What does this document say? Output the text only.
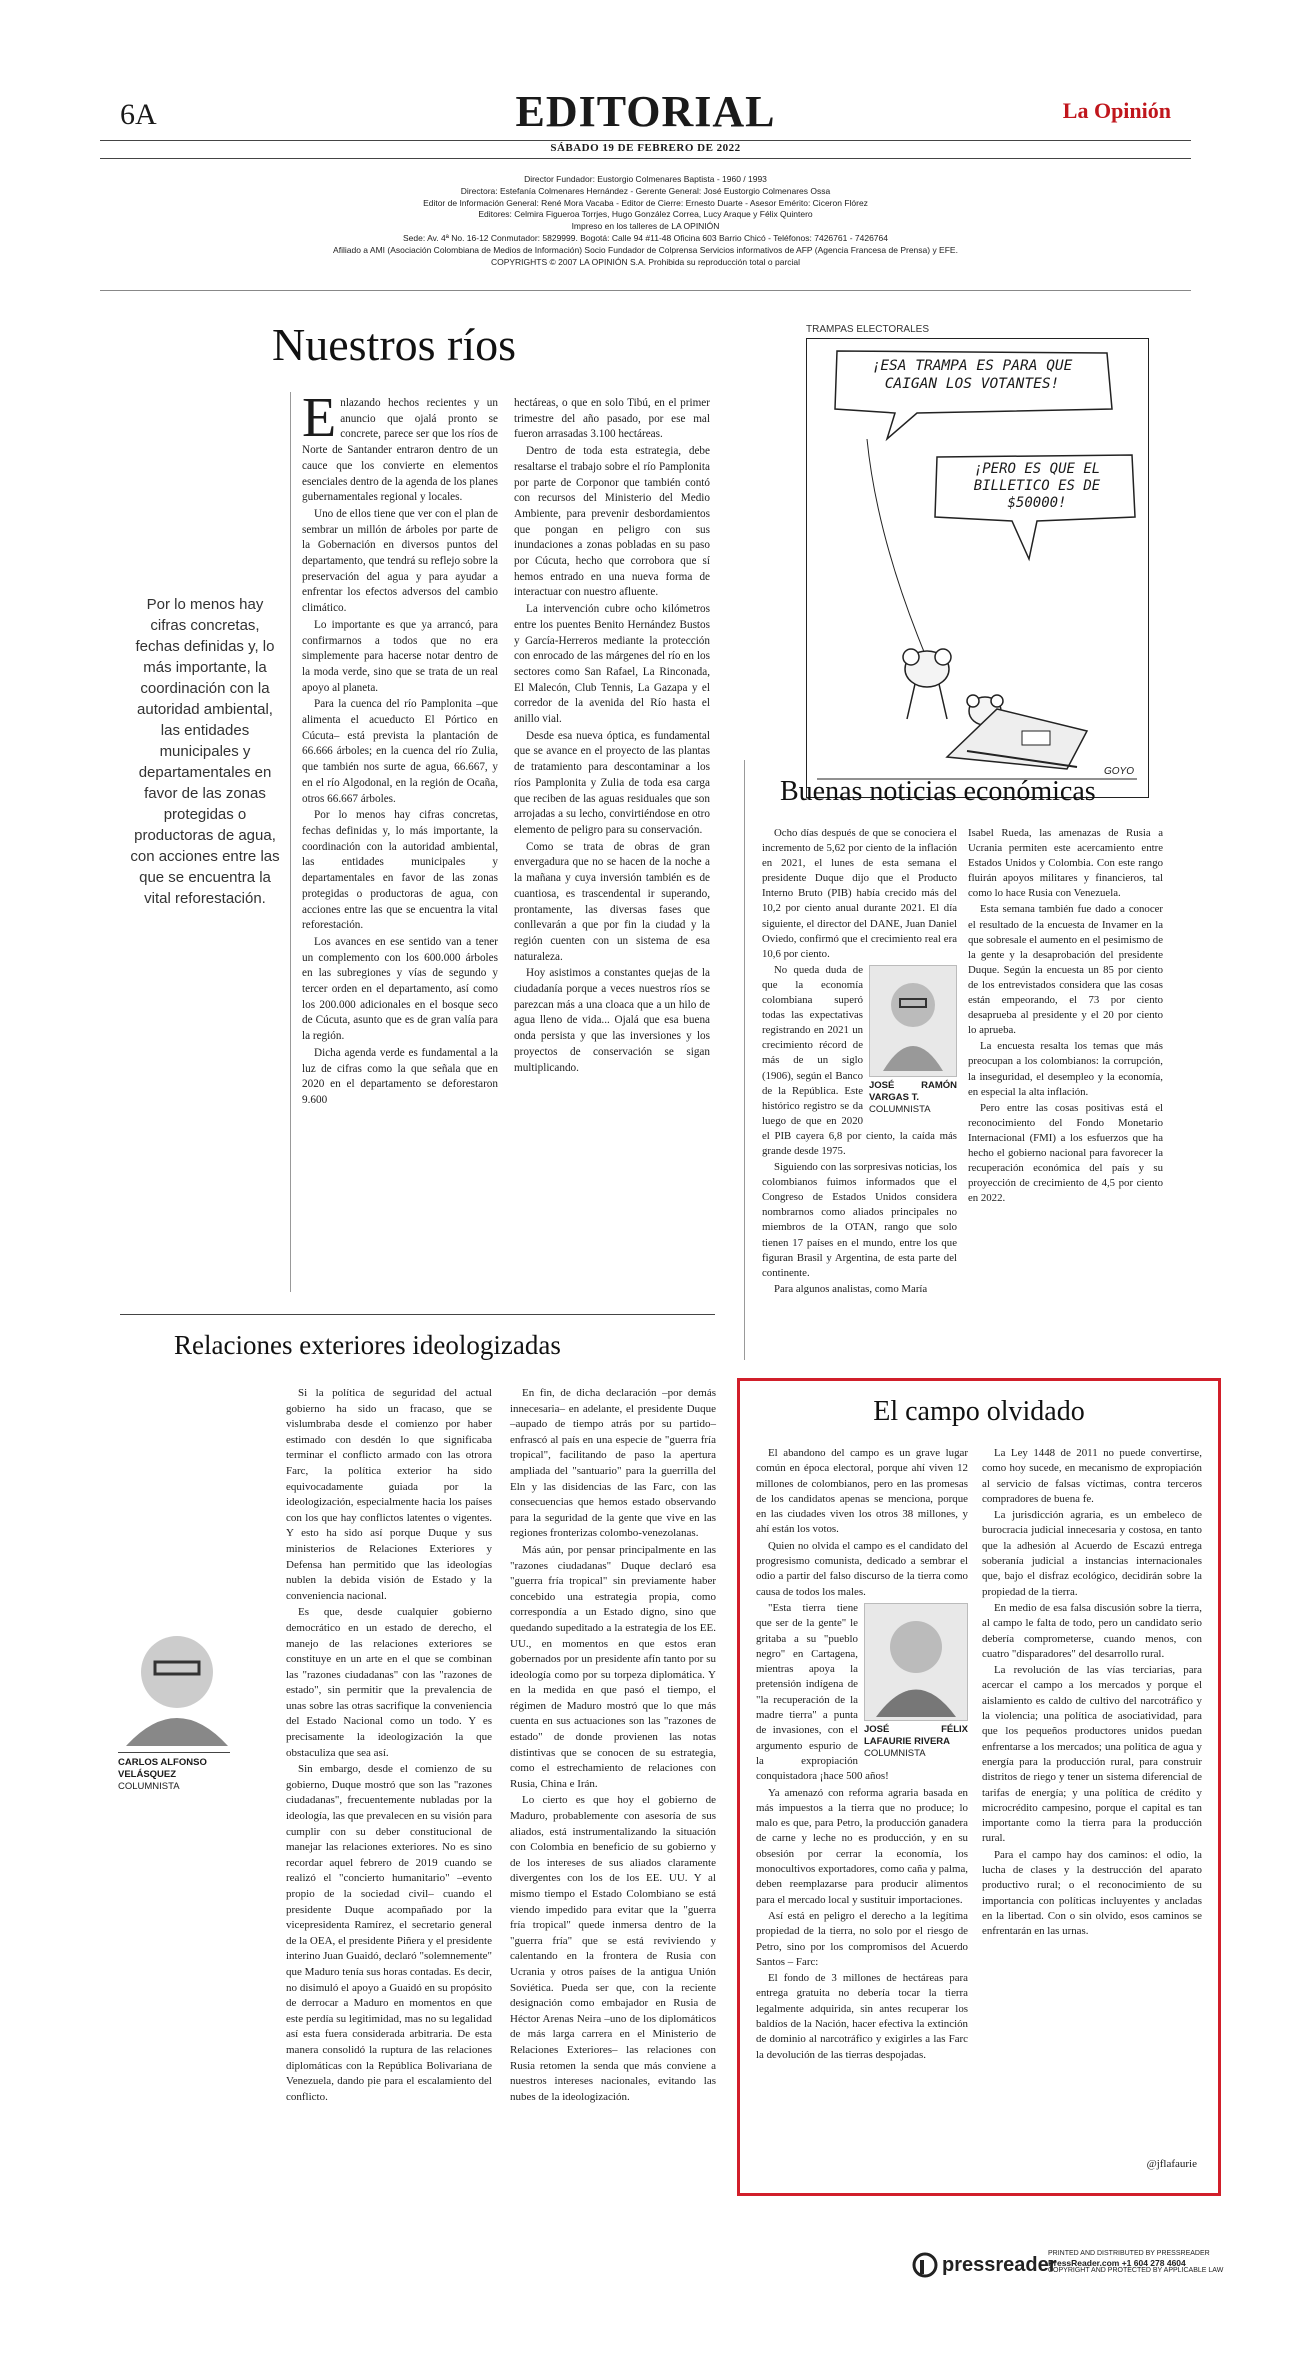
6A	EDITORIAL	La Opinión
SÁBADO 19 DE FEBRERO DE 2022
Director Fundador: Eustorgio Colmenares Baptista - 1960 / 1993
Directora: Estefanía Colmenares Hernández - Gerente General: José Eustorgio Colmenares Ossa
Editor de Información General: René Mora Vacaba - Editor de Cierre: Ernesto Duarte - Asesor Emérito: Ciceron Flórez
Editores: Celmira Figueroa Torrjes, Hugo González Correa, Lucy Araque y Félix Quintero
Impreso en los talleres de LA OPINIÓN
Sede: Av. 4ª No. 16-12 Conmutador: 5829999. Bogotá: Calle 94 #11-48 Oficina 603 Barrio Chicó - Teléfonos: 7426761 - 7426764
Afiliado a AMI (Asociación Colombiana de Medios de Información) Socio Fundador de Colprensa Servicios informativos de AFP (Agencia Francesa de Prensa) y EFE.
COPYRIGHTS © 2007 LA OPINIÓN S.A. Prohibida su reproducción total o parcial
Nuestros ríos
Por lo menos hay cifras concretas, fechas definidas y, lo más importante, la coordinación con la autoridad ambiental, las entidades municipales y departamentales en favor de las zonas protegidas o productoras de agua, con acciones entre las que se encuentra la vital reforestación.

Enlazando hechos recientes y un anuncio que ojalá pronto se concrete, parece ser que los ríos de Norte de Santander entraron dentro de un cauce que los convierte en elementos esenciales dentro de la agenda de los planes gubernamentales regional y locales.

Uno de ellos tiene que ver con el plan de sembrar un millón de árboles por parte de la Gobernación en diversos puntos del departamento, que tendrá su reflejo sobre la preservación del agua y para ayudar a enfrentar los efectos adversos del cambio climático.

Lo importante es que ya arrancó, para confirmarnos a todos que no era simplemente para hacerse notar dentro de la moda verde, sino que se trata de un real apoyo al planeta.

Para la cuenca del río Pamplonita –que alimenta el acueducto El Pórtico en Cúcuta– está prevista la plantación de 66.666 árboles; en la cuenca del río Zulia, que también nos surte de agua, 66.667, y en el río Algodonal, en la región de Ocaña, otros 66.667 árboles.

Por lo menos hay cifras concretas, fechas definidas y, lo más importante, la coordinación con la autoridad ambiental, las entidades municipales y departamentales en favor de las zonas protegidas o productoras de agua, con acciones entre las que se encuentra la vital reforestación.

Los avances en ese sentido van a tener un complemento con los 600.000 árboles en las subregiones y vías de segundo y tercer orden en el departamento, así como los 200.000 adicionales en el bosque seco de Cúcuta, asunto que es de gran valía para la región.

Dicha agenda verde es fundamental a la luz de cifras como la que señala que en 2020 en el departamento se deforestaron 9.600

hectáreas, o que en solo Tibú, en el primer trimestre del año pasado, por ese mal fueron arrasadas 3.100 hectáreas.

Dentro de toda esta estrategia, debe resaltarse el trabajo sobre el río Pamplonita por parte de Corponor que también contó con recursos del Ministerio del Medio Ambiente, para prevenir desbordamientos que pongan en peligro con sus inundaciones a zonas pobladas en su paso por Cúcuta, hecho que corrobora que sí hemos entrado en una nueva forma de interactuar con nuestro afluente.

La intervención cubre ocho kilómetros entre los puentes Benito Hernández Bustos y García-Herreros mediante la protección con enrocado de las márgenes del río en los sectores como San Rafael, La Rinconada, El Malecón, Club Tennis, La Gazapa y el corredor de la avenida del Río hasta el anillo vial.

Desde esa nueva óptica, es fundamental que se avance en el proyecto de las plantas de tratamiento para descontaminar a los ríos Pamplonita y Zulia de toda esa carga que reciben de las aguas residuales que son arrojadas a su lecho, convirtiéndose en otro elemento de peligro para su conservación.

Como se trata de obras de gran envergadura que no se hacen de la noche a la mañana y cuya inversión también es de cuantiosa, es trascendental ir superando, prontamente, las diversas fases que conllevarán a que por fin la ciudad y la región cuenten con un sistema de esa naturaleza.

Hoy asistimos a constantes quejas de la ciudadanía porque a veces nuestros ríos se parezcan más a una cloaca que a un hilo de agua lleno de vida... Ojalá que esa buena onda persista y que las inversiones y los proyectos de conservación se sigan multiplicando.

TRAMPAS ELECTORALES
¡ESA TRAMPA ES PARA QUE CAIGAN LOS VOTANTES!
¡PERO ES QUE EL BILLETICO ES DE $50000!
GOYO
Buenas noticias económicas

Ocho días después de que se conociera el incremento de 5,62 por ciento de la inflación en 2021, el lunes de esta semana el presidente Duque dijo que el Producto Interno Bruto (PIB) había crecido más del 10,2 por ciento anual durante 2021. El día siguiente, el director del DANE, Juan Daniel Oviedo, confirmó que el crecimiento real era 10,6 por ciento.

JOSÉ RAMÓN VARGAS T.
COLUMNISTA

No queda duda de que la economía colombiana superó todas las expectativas registrando en 2021 un crecimiento récord de más de un siglo (1906), según el Banco de la República. Este histórico registro se da luego de que en 2020 el PIB cayera 6,8 por ciento, la caída más grande desde 1975.

Siguiendo con las sorpresivas noticias, los colombianos fuimos informados que el Congreso de Estados Unidos considera nombrarnos como aliados principales no miembros de la OTAN, rango que solo tienen 17 países en el mundo, entre los que figuran Brasil y Argentina, de esta parte del continente.

Para algunos analistas, como María

Isabel Rueda, las amenazas de Rusia a Ucrania permiten este acercamiento entre Estados Unidos y Colombia. Con este rango fluirán apoyos militares y financieros, tal como lo hace Rusia con Venezuela.

Esta semana también fue dado a conocer el resultado de la encuesta de Invamer en la que sobresale el aumento en el pesimismo de la gente y la desaprobación del presidente Duque. Según la encuesta un 85 por ciento de los entrevistados considera que las cosas están empeorando, el 73 por ciento desaprueba al presidente y el 20 por ciento lo aprueba.

La encuesta resalta los temas que más preocupan a los colombianos: la corrupción, la inseguridad, el desempleo y la economía, en especial la alta inflación.

Pero entre las cosas positivas está el reconocimiento del Fondo Monetario Internacional (FMI) a los esfuerzos que ha hecho el gobierno nacional para favorecer la recuperación económica del país y su proyección de crecimiento de 4,5 por ciento en 2022.

Relaciones exteriores ideologizadas
CARLOS ALFONSO VELÁSQUEZ
COLUMNISTA

Si la política de seguridad del actual gobierno ha sido un fracaso, que se vislumbraba desde el comienzo por haber estimado con desdén lo que significaba terminar el conflicto armado con las otrora Farc, la política exterior ha sido equivocadamente guiada por la ideologización, especialmente hacia los países con los que hay conflictos latentes o vigentes. Y esto ha sido así porque Duque y sus ministerios de Relaciones Exteriores y Defensa han permitido que las ideologías nublen la debida visión de Estado y la conveniencia nacional.

Es que, desde cualquier gobierno democrático en un estado de derecho, el manejo de las relaciones exteriores se constituye en un arte en el que se combinan las "razones ciudadanas" con las "razones de estado", sin permitir que la prevalencia de unas sobre las otras sacrifique la conveniencia del Estado Nacional como un todo. Y es precisamente la ideologización la que obstaculiza que sea así.

Sin embargo, desde el comienzo de su gobierno, Duque mostró que son las "razones ciudadanas", frecuentemente nubladas por la ideología, las que prevalecen en su visión para cumplir con su deber constitucional de manejar las relaciones exteriores. No es sino recordar aquel febrero de 2019 cuando se realizó el "concierto humanitario" –evento propio de la sociedad civil– cuando el presidente Duque acompañado por la vicepresidenta Ramírez, el secretario general de la OEA, el presidente Piñera y el presidente interino Juan Guaidó, declaró "solemnemente" que Maduro tenía sus horas contadas. Es decir, no disimuló el apoyo a Guaidó en su propósito de derrocar a Maduro en momentos en que este perdía su legitimidad, mas no su legalidad así esta fuera considerada arbitraria. De esta manera consolidó la ruptura de las relaciones diplomáticas con la República Bolivariana de Venezuela, dando pie para el escalamiento del conflicto.

En fin, de dicha declaración –por demás innecesaria– en adelante, el presidente Duque –aupado de tiempo atrás por su partido– enfrascó al país en una especie de "guerra fría tropical", facilitando de paso la apertura ampliada del "santuario" para la guerrilla del Eln y las disidencias de las Farc, con las consecuencias que hemos estado observando para la seguridad de la gente que vive en las regiones fronterizas colombo-venezolanas.

Más aún, por pensar principalmente en las "razones ciudadanas" Duque declaró esa "guerra fría tropical" sin previamente haber concebido una estrategia propia, como correspondía a un Estado digno, sino que quedando supeditado a la estrategia de los EE. UU., en momentos en que estos eran gobernados por un presidente afín tanto por su ideología como por su torpeza diplomática. Y en la medida en que pasó el tiempo, el régimen de Maduro mostró que lo que más cuenta en sus actuaciones son las "razones de estado" de donde provienen las notas distintivas que se conocen de su estrategia, como el estrechamiento de relaciones con Rusia, China e Irán.

Lo cierto es que hoy el gobierno de Maduro, probablemente con asesoría de sus aliados, está instrumentalizando la situación con Colombia en beneficio de su gobierno y de los intereses de sus aliados claramente divergentes con los de los EE. UU. Y al mismo tiempo el Estado Colombiano se está viendo impedido para evitar que la "guerra fría tropical" quede inmersa dentro de la "guerra fría" que se está reviviendo y calentando en la frontera de Rusia con Ucrania y otros países de la antigua Unión Soviética. Pueda ser que, con la reciente designación como embajador en Rusia de Héctor Arenas Neira –uno de los diplomáticos de más larga carrera en el Ministerio de Relaciones Exteriores– las relaciones con Rusia retomen la senda que más conviene a nuestros intereses nacionales, evitando las nubes de la ideologización.

El campo olvidado

El abandono del campo es un grave lugar común en época electoral, porque ahí viven 12 millones de colombianos, pero en las promesas de los candidatos apenas se menciona, porque en las ciudades viven los otros 38 millones, y ahí están los votos.

Quien no olvida el campo es el candidato del progresismo comunista, dedicado a sembrar el odio a partir del falso discurso de la tierra como causa de todos los males.

JOSÉ FÉLIX LAFAURIE RIVERA
COLUMNISTA

"Esta tierra tiene que ser de la gente" le gritaba a su "pueblo negro" en Cartagena, mientras apoya la pretensión indígena de "la recuperación de la madre tierra" a punta de invasiones, con el argumento espurio de la expropiación conquistadora ¡hace 500 años!

Ya amenazó con reforma agraria basada en más impuestos a la tierra que no produce; lo malo es que, para Petro, la producción ganadera de carne y leche no es producción, y en su obsesión por cerrar la economía, los monocultivos exportadores, como caña y palma, deben reemplazarse para producir alimentos para el mercado local y sustituir importaciones.

Así está en peligro el derecho a la legítima propiedad de la tierra, no solo por el riesgo de Petro, sino por los compromisos del Acuerdo Santos – Farc:

El fondo de 3 millones de hectáreas para entrega gratuita no debería tocar la tierra legalmente adquirida, sin antes recuperar los baldíos de la Nación, hacer efectiva la extinción de dominio al narcotráfico y exigirles a las Farc la devolución de las tierras despojadas.

La Ley 1448 de 2011 no puede convertirse, como hoy sucede, en mecanismo de expropiación al servicio de falsas víctimas, contra terceros compradores de buena fe.

La jurisdicción agraria, es un embeleco de burocracia judicial innecesaria y costosa, en tanto que la adhesión al Acuerdo de Escazú entrega soberanía judicial a instancias internacionales que, bajo el disfraz ecológico, decidirán sobre la propiedad de la tierra.

En medio de esa falsa discusión sobre la tierra, al campo le falta de todo, pero un candidato serio debería comprometerse, cuando menos, con cuatro "disparadores" del desarrollo rural.

La revolución de las vías terciarias, para acercar el campo a los mercados y porque el aislamiento es caldo de cultivo del narcotráfico y la violencia; una política de asociatividad, para que los pequeños productores unidos puedan enfrentarse a los mercados; una política de agua y energía para la producción rural, para construir distritos de riego y tener un sistema diferencial de tarifas de energía; y una política de crédito y microcrédito campesino, porque el capital es tan importante como la tierra para la producción rural.

Para el campo hay dos caminos: el odio, la lucha de clases y la destrucción del aparato productivo rural; o el reconocimiento de su importancia con políticas incluyentes y ancladas en la libertad. Con o sin olvido, esos caminos se enfrentarán en las urnas.

@jflafaurie
pressreader
PRINTED AND DISTRIBUTED BY PRESSREADER
PressReader.com +1 604 278 4604
COPYRIGHT AND PROTECTED BY APPLICABLE LAW
